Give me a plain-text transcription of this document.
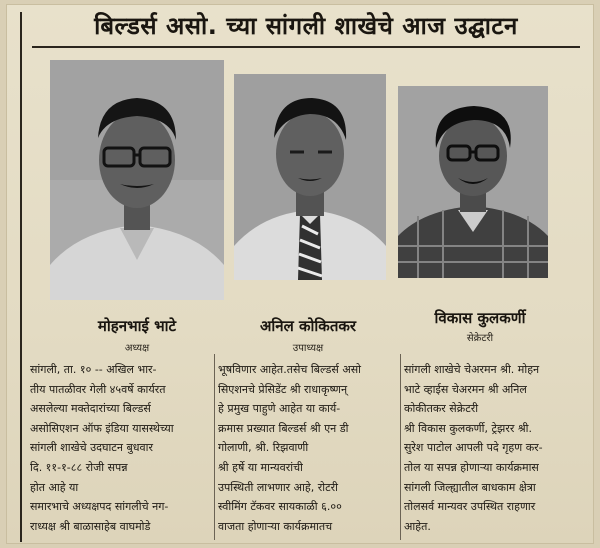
बिल्डर्स असो. च्या सांगली शाखेचे आज उद्घाटन
मोहनभाई भाटे
अध्यक्ष
अनिल कोकितकर
उपाध्यक्ष
विकास कुलकर्णी
सेक्रेटरी
सांगली, ता. १० -- अखिल भार-
तीय पातळीवर गेली ४५वर्षे कार्यरत
असलेल्या मक्तेदारांच्या बिल्डर्स
असोसिएशन ऑफ इंडिया यासस्थेच्या
सांगली शाखेचे उदघाटन बुधवार
दि. ११-१-८८ रोजी सपन्न
होत आहे या
समारभाचे अध्यक्षपद सांगलीचे नग-
राध्यक्ष श्री बाळासाहेब वाघमोडे
भूषविणार आहेत.तसेच बिल्डर्स असो
सिएशनचे प्रेसिडेंट श्री राधाकृष्णन्
हे प्रमुख पाहुणे आहेत या कार्य-
क्रमास प्रख्यात बिल्डर्स श्री एन डी
गोलाणी, श्री. रिझवाणी
श्री हर्षे या मान्यवरांची
उपस्थिती लाभणार आहे, रोटरी
स्वीमिंग टॅकवर सायकाळी ६.००
वाजता होणाऱ्या कार्यक्रमातच
सांगली शाखेचे चेअरमन श्री. मोहन
भाटे व्हाईस चेअरमन श्री अनिल
कोकीतकर सेक्रेटरी
श्री विकास कुलकर्णी, ट्रेझरर श्री.
सुरेश पाटोल आपली पदे गृहण कर-
तोल या सपन्न होणाऱ्या कार्यक्रमास
सांगली जिल्ह्यातील बाधकाम क्षेत्रा
तोलसर्व मान्यवर उपस्थित राहणार
आहेत.
